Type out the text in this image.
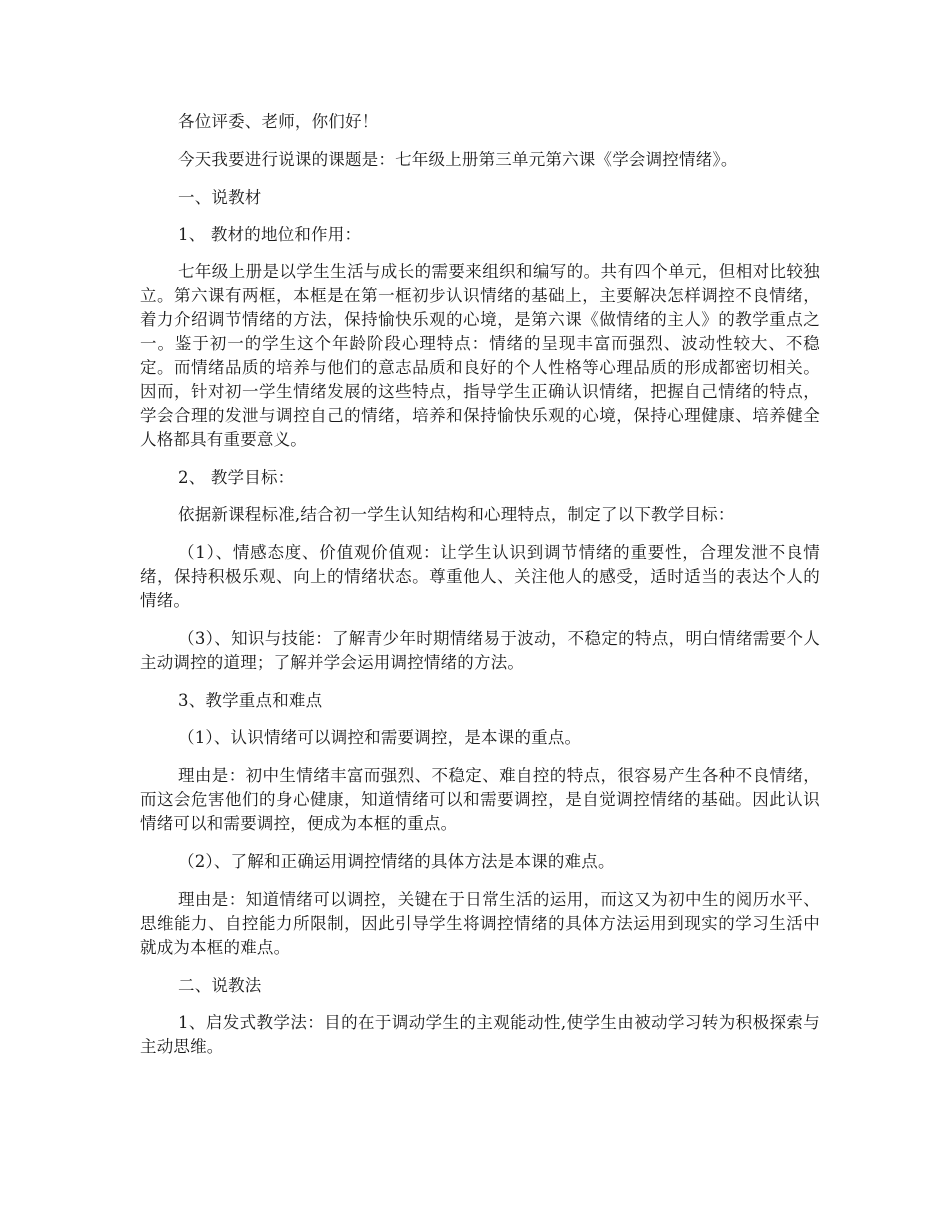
各位评委、老师，你们好！

今天我要进行说课的课题是：七年级上册第三单元第六课《学会调控情绪》。

一、说教材

1、 教材的地位和作用：

七年级上册是以学生生活与成长的需要来组织和编写的。共有四个单元，但相对比较独立。第六课有两框，本框是在第一框初步认识情绪的基础上，主要解决怎样调控不良情绪，着力介绍调节情绪的方法，保持愉快乐观的心境，是第六课《做情绪的主人》的教学重点之一。鉴于初一的学生这个年龄阶段心理特点：情绪的呈现丰富而强烈、波动性较大、不稳定。而情绪品质的培养与他们的意志品质和良好的个人性格等心理品质的形成都密切相关。因而，针对初一学生情绪发展的这些特点，指导学生正确认识情绪，把握自己情绪的特点，学会合理的发泄与调控自己的情绪，培养和保持愉快乐观的心境，保持心理健康、培养健全人格都具有重要意义。

2、 教学目标：

依据新课程标准,结合初一学生认知结构和心理特点，制定了以下教学目标：

（1）、情感态度、价值观价值观：让学生认识到调节情绪的重要性，合理发泄不良情绪，保持积极乐观、向上的情绪状态。尊重他人、关注他人的感受，适时适当的表达个人的情绪。

（3）、知识与技能：了解青少年时期情绪易于波动，不稳定的特点，明白情绪需要个人主动调控的道理；了解并学会运用调控情绪的方法。

3、教学重点和难点

（1）、认识情绪可以调控和需要调控，是本课的重点。

理由是：初中生情绪丰富而强烈、不稳定、难自控的特点，很容易产生各种不良情绪，而这会危害他们的身心健康，知道情绪可以和需要调控，是自觉调控情绪的基础。因此认识情绪可以和需要调控，便成为本框的重点。

（2）、了解和正确运用调控情绪的具体方法是本课的难点。

理由是：知道情绪可以调控，关键在于日常生活的运用，而这又为初中生的阅历水平、思维能力、自控能力所限制，因此引导学生将调控情绪的具体方法运用到现实的学习生活中就成为本框的难点。

二、说教法

1、启发式教学法：目的在于调动学生的主观能动性,使学生由被动学习转为积极探索与主动思维。
